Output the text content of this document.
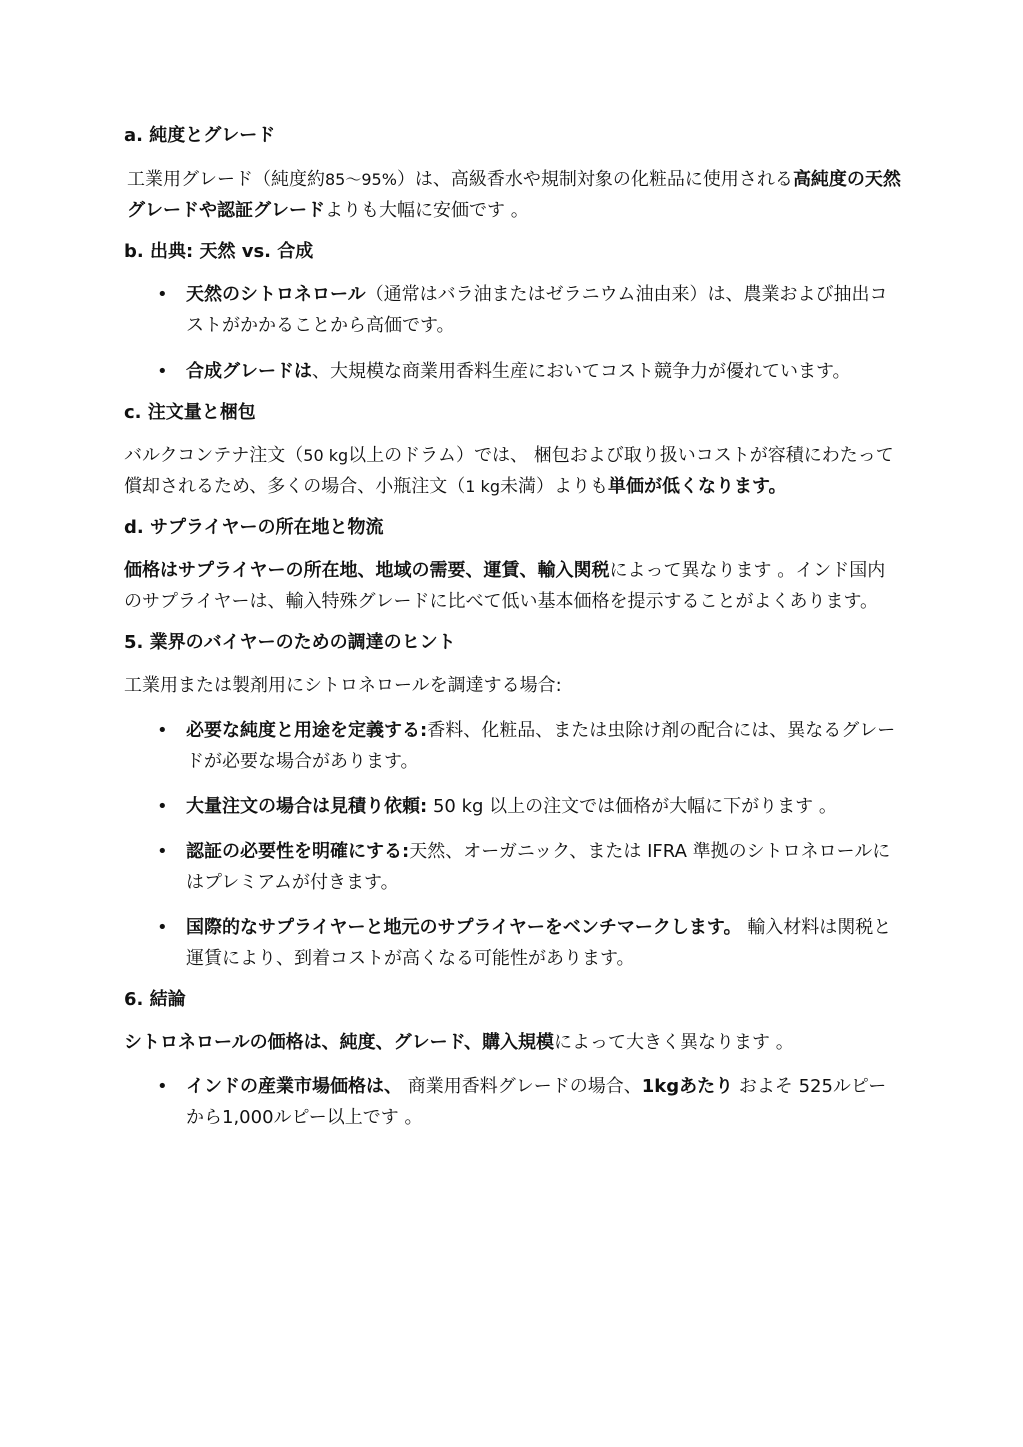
a. 純度とグレード
工業用グレード（純度約85〜95%）は、高級香水や規制対象の化粧品に使用される高純度の天然グレードや認証グレードよりも大幅に安価です 。
b. 出典: 天然 vs. 合成
• 天然のシトロネロール（通常はバラ油またはゼラニウム油由来）は、農業および抽出コストがかかることから高価です。
• 合成グレードは、大規模な商業用香料生産においてコスト競争力が優れています。
c. 注文量と梱包
バルクコンテナ注文（50 kg以上のドラム）では、 梱包および取り扱いコストが容積にわたって償却されるため、多くの場合、小瓶注文（1 kg未満）よりも単価が低くなります。
d. サプライヤーの所在地と物流
価格はサプライヤーの所在地、地域の需要、運賃、輸入関税によって異なります 。インド国内のサプライヤーは、輸入特殊グレードに比べて低い基本価格を提示することがよくあります。
5. 業界のバイヤーのための調達のヒント
工業用または製剤用にシトロネロールを調達する場合:
• 必要な純度と用途を定義する:香料、化粧品、または虫除け剤の配合には、異なるグレードが必要な場合があります。
• 大量注文の場合は見積り依頼: 50 kg 以上の注文では価格が大幅に下がります 。
• 認証の必要性を明確にする:天然、オーガニック、または IFRA 準拠のシトロネロールにはプレミアムが付きます。
• 国際的なサプライヤーと地元のサプライヤーをベンチマークします。 輸入材料は関税と運賃により、到着コストが高くなる可能性があります。
6. 結論
シトロネロールの価格は、純度、グレード、購入規模によって大きく異なります 。
• インドの産業市場価格は、 商業用香料グレードの場合、1kgあたり およそ 525ルピーから1,000ルピー以上です 。
